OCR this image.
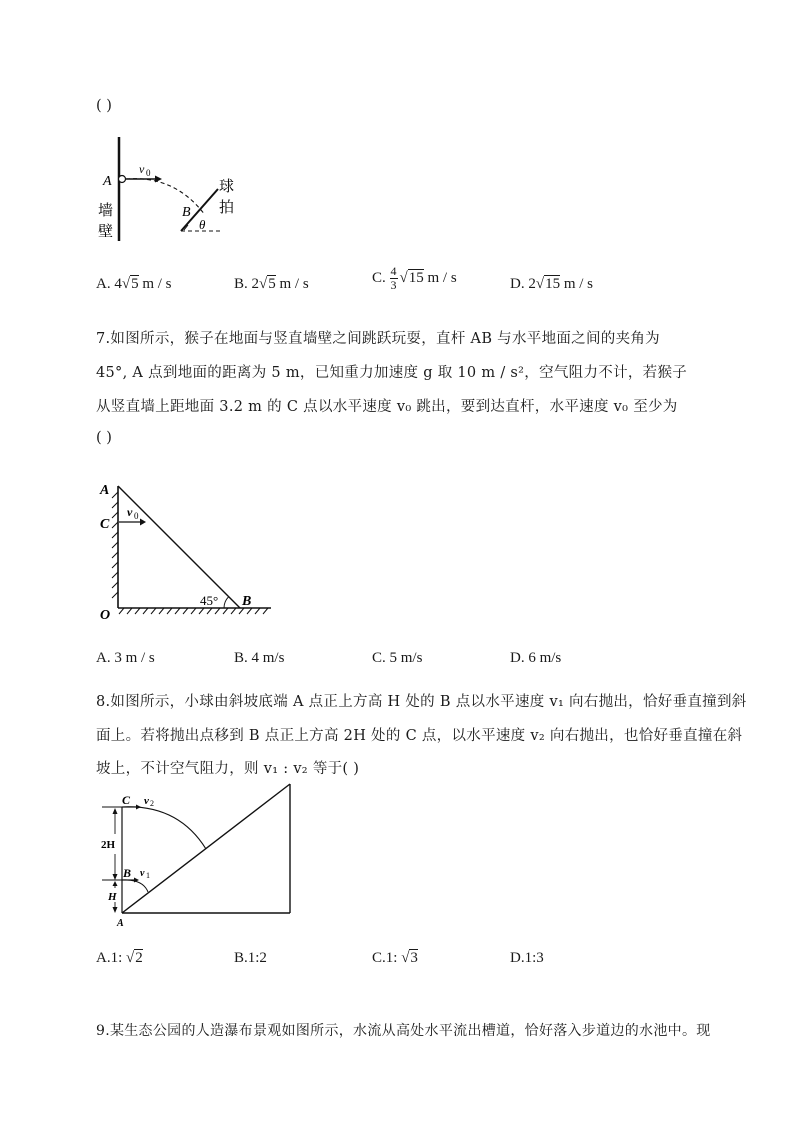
( )
A
v 0
B
θ
墙
壁
球
拍
A. 4√5 m / s	B. 2√5 m / s	C. $\frac{4}{3} √15$ m / s	D. 2√15 m / s
7.如图所示，猴子在地面与竖直墙壁之间跳跃玩耍，直杆 AB 与水平地面之间的夹角为
45°, A 点到地面的距离为 5 m，已知重力加速度 g 取 10 m / s²，空气阻力不计，若猴子
从竖直墙上距地面 3.2 m 的 C 点以水平速度 v₀ 跳出，要到达直杆，水平速度 v₀ 至少为
( )
A
C
O
B
v 0
45°
A. 3 m / s	B. 4 m/s	C. 5 m/s	D. 6 m/s
8.如图所示，小球由斜坡底端 A 点正上方高 H 处的 B 点以水平速度 v₁ 向右抛出，恰好垂直撞到斜
面上。若将抛出点移到 B 点正上方高 2H 处的 C 点，以水平速度 v₂ 向右抛出，也恰好垂直撞在斜
坡上，不计空气阻力，则 v₁ : v₂ 等于( )
C v 2
2H
B v 1
H
A
A.1: √2	B.1:2	C.1: √3	D.1:3
9.某生态公园的人造瀑布景观如图所示，水流从高处水平流出槽道，恰好落入步道边的水池中。现
